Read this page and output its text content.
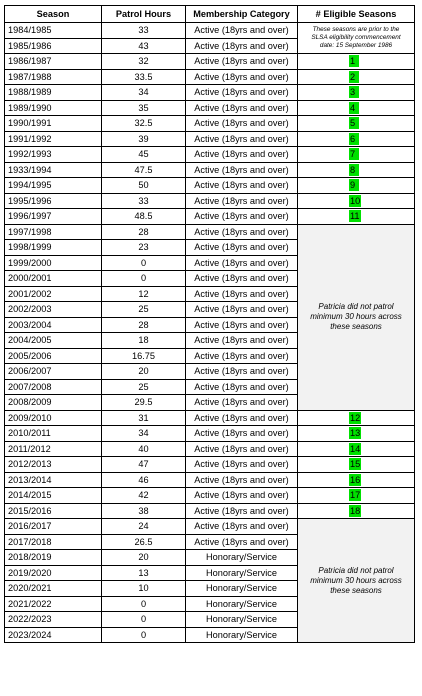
Season	Patrol Hours	Membership Category	# Eligible Seasons
1984/1985	33	Active (18yrs and over)	These seasons are prior to the SLSA eligibility commencement date: 15 September 1986
1985/1986	43	Active (18yrs and over)	
1986/1987	32	Active (18yrs and over)	1
1987/1988	33.5	Active (18yrs and over)	2
1988/1989	34	Active (18yrs and over)	3
1989/1990	35	Active (18yrs and over)	4
1990/1991	32.5	Active (18yrs and over)	5
1991/1992	39	Active (18yrs and over)	6
1992/1993	45	Active (18yrs and over)	7
1933/1994	47.5	Active (18yrs and over)	8
1994/1995	50	Active (18yrs and over)	9
1995/1996	33	Active (18yrs and over)	10
1996/1997	48.5	Active (18yrs and over)	11
1997/1998	28	Active (18yrs and over)	Patricia did not patrol minimum 30 hours across these seasons
1998/1999	23	Active (18yrs and over)	
1999/2000	0	Active (18yrs and over)	
2000/2001	0	Active (18yrs and over)	
2001/2002	12	Active (18yrs and over)	
2002/2003	25	Active (18yrs and over)	
2003/2004	28	Active (18yrs and over)	
2004/2005	18	Active (18yrs and over)	
2005/2006	16.75	Active (18yrs and over)	
2006/2007	20	Active (18yrs and over)	
2007/2008	25	Active (18yrs and over)	
2008/2009	29.5	Active (18yrs and over)	
2009/2010	31	Active (18yrs and over)	12
2010/2011	34	Active (18yrs and over)	13
2011/2012	40	Active (18yrs and over)	14
2012/2013	47	Active (18yrs and over)	15
2013/2014	46	Active (18yrs and over)	16
2014/2015	42	Active (18yrs and over)	17
2015/2016	38	Active (18yrs and over)	18
2016/2017	24	Active (18yrs and over)	Patricia did not patrol minimum 30 hours across these seasons
2017/2018	26.5	Active (18yrs and over)	
2018/2019	20	Honorary/Service	
2019/2020	13	Honorary/Service	
2020/2021	10	Honorary/Service	
2021/2022	0	Honorary/Service	
2022/2023	0	Honorary/Service	
2023/2024	0	Honorary/Service	
